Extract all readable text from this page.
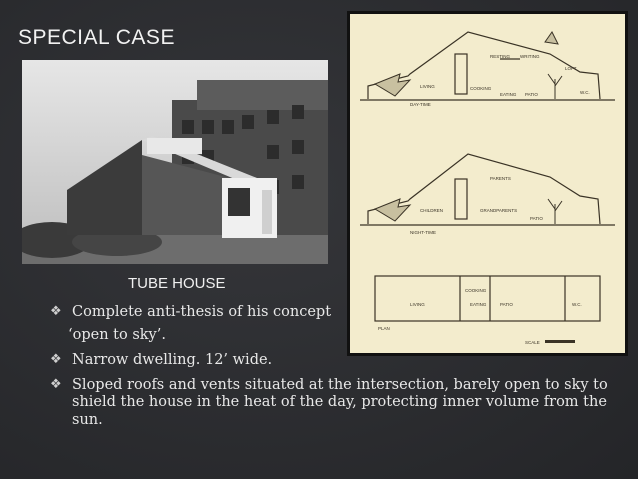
SPECIAL CASE
DAY-TIME
NIGHT-TIME
PLAN
RESTING WRITING
LIVING	COOKING
EATING PATIO
LOFT
W.C.
PARENTS
CHILDREN	GRANDPARENTS
PATIO
LIVING
COOKING
EATING	PATIO	W.C.
SCALE
TUBE HOUSE
❖ Complete anti-thesis of his concept
‘open to sky’.
❖ Narrow dwelling. 12’ wide.
❖ Sloped roofs and vents situated at the intersection, barely open to sky to shield the house in the heat of the day, protecting inner volume from the sun.
